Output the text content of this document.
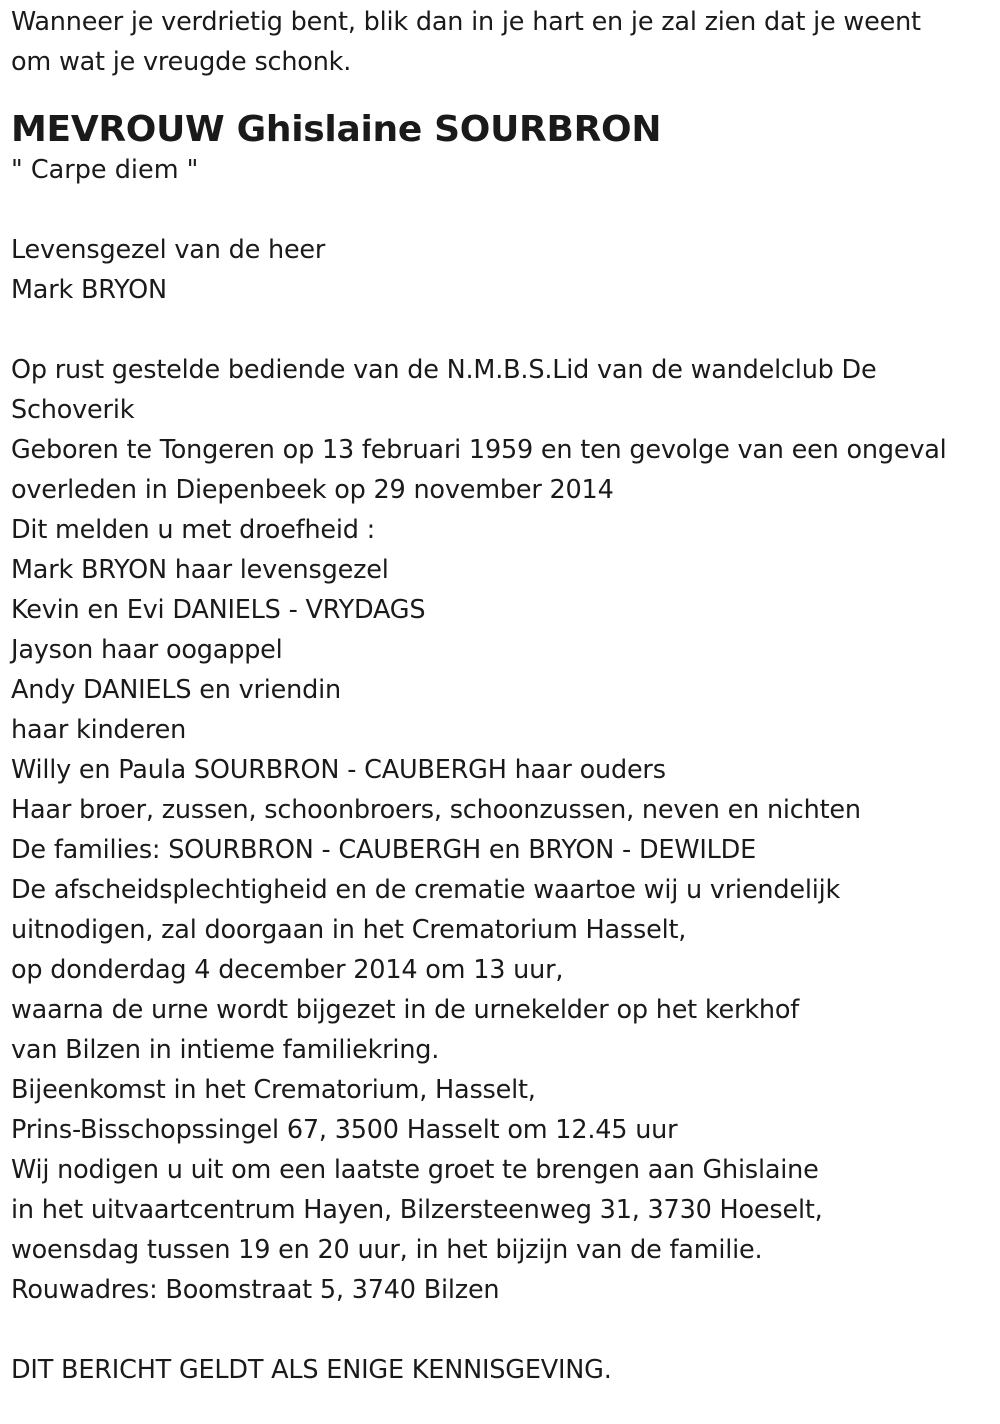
Wanneer je verdrietig bent, blik dan in je hart en je zal zien dat je weent
om wat je vreugde schonk.
MEVROUW Ghislaine SOURBRON
" Carpe diem "
Levensgezel van de heer
Mark BRYON
Op rust gestelde bediende van de N.M.B.S.Lid van de wandelclub De
Schoverik
Geboren te Tongeren op 13 februari 1959 en ten gevolge van een ongeval
overleden in Diepenbeek op 29 november 2014
Dit melden u met droefheid :
Mark BRYON haar levensgezel
Kevin en Evi DANIELS - VRYDAGS
Jayson haar oogappel
Andy DANIELS en vriendin
haar kinderen
Willy en Paula SOURBRON - CAUBERGH haar ouders
Haar broer, zussen, schoonbroers, schoonzussen, neven en nichten
De families: SOURBRON - CAUBERGH en BRYON - DEWILDE
De afscheidsplechtigheid en de crematie waartoe wij u vriendelijk
uitnodigen, zal doorgaan in het Crematorium Hasselt,
op donderdag 4 december 2014 om 13 uur,
waarna de urne wordt bijgezet in de urnekelder op het kerkhof
van Bilzen in intieme familiekring.
Bijeenkomst in het Crematorium, Hasselt,
Prins-Bisschopssingel 67, 3500 Hasselt om 12.45 uur
Wij nodigen u uit om een laatste groet te brengen aan Ghislaine
in het uitvaartcentrum Hayen, Bilzersteenweg 31, 3730 Hoeselt,
woensdag tussen 19 en 20 uur, in het bijzijn van de familie.
Rouwadres: Boomstraat 5, 3740 Bilzen
DIT BERICHT GELDT ALS ENIGE KENNISGEVING.
